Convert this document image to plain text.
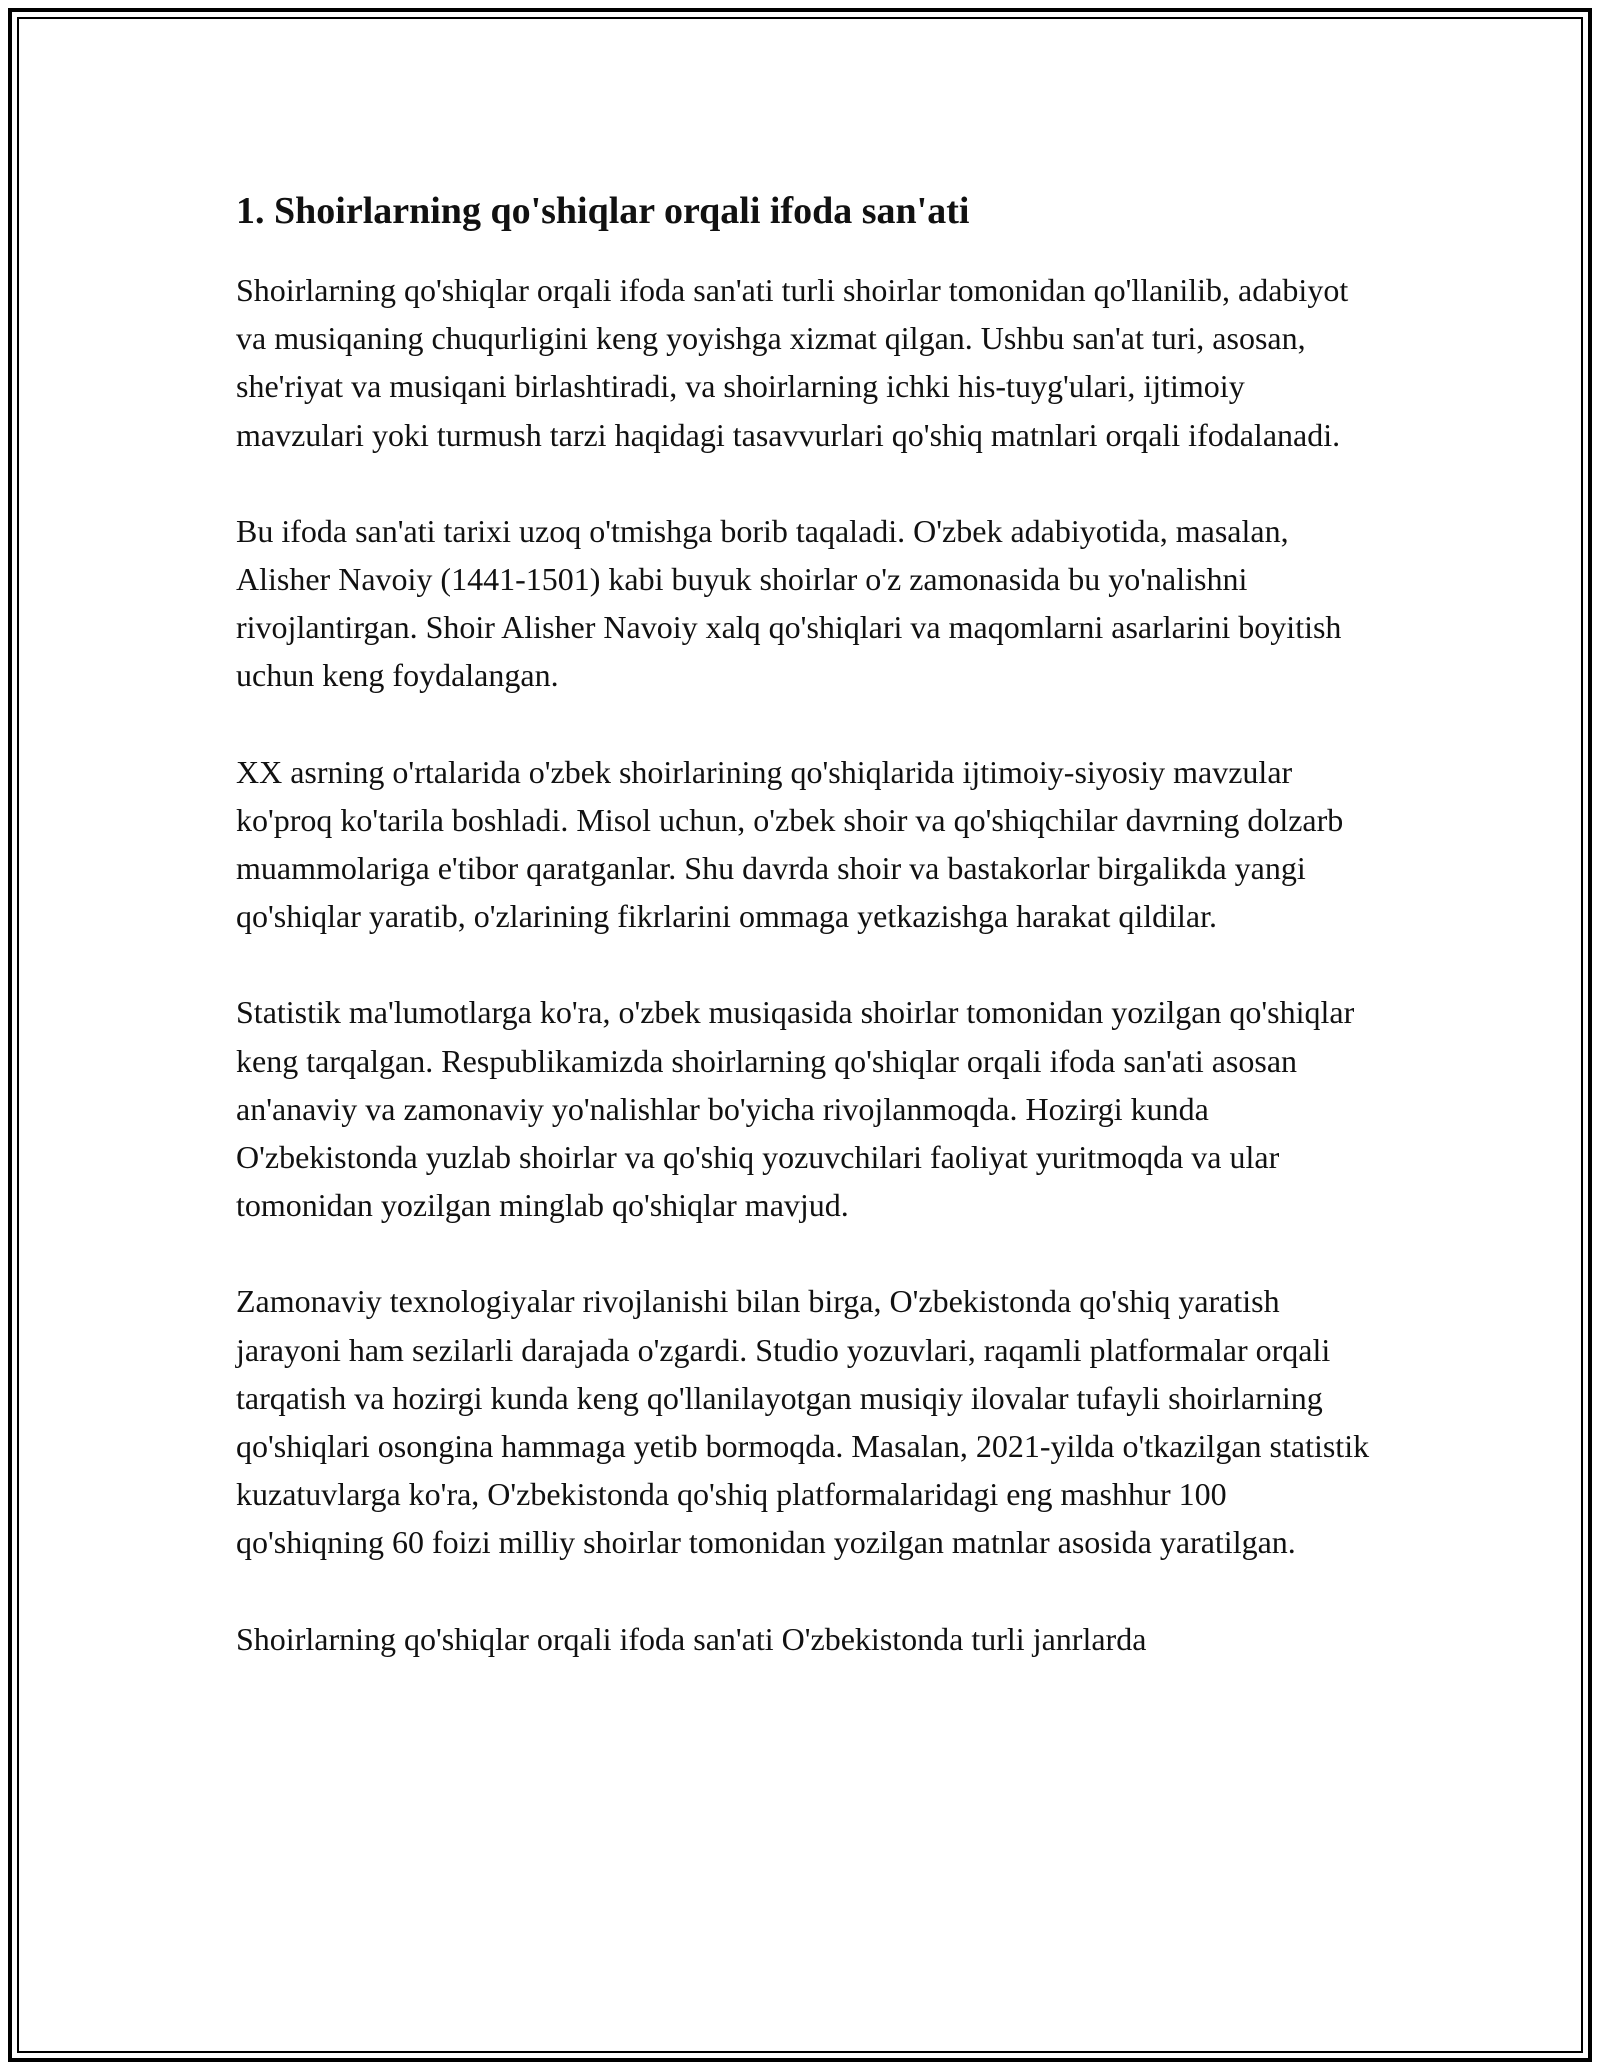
1. Shoirlarning qo'shiqlar orqali ifoda san'ati

Shoirlarning qo'shiqlar orqali ifoda san'ati turli shoirlar tomonidan qo'llanilib, adabiyot va musiqaning chuqurligini keng yoyishga xizmat qilgan. Ushbu san'at turi, asosan, she'riyat va musiqani birlashtiradi, va shoirlarning ichki his-tuyg'ulari, ijtimoiy mavzulari yoki turmush tarzi haqidagi tasavvurlari qo'shiq matnlari orqali ifodalanadi.

Bu ifoda san'ati tarixi uzoq o'tmishga borib taqaladi. O'zbek adabiyotida, masalan, Alisher Navoiy (1441-1501) kabi buyuk shoirlar o'z zamonasida bu yo'nalishni rivojlantirgan. Shoir Alisher Navoiy xalq qo'shiqlari va maqomlarni asarlarini boyitish uchun keng foydalangan.

XX asrning o'rtalarida o'zbek shoirlarining qo'shiqlarida ijtimoiy-siyosiy mavzular ko'proq ko'tarila boshladi. Misol uchun, o'zbek shoir va qo'shiqchilar davrning dolzarb muammolariga e'tibor qaratganlar. Shu davrda shoir va bastakorlar birgalikda yangi qo'shiqlar yaratib, o'zlarining fikrlarini ommaga yetkazishga harakat qildilar.

Statistik ma'lumotlarga ko'ra, o'zbek musiqasida shoirlar tomonidan yozilgan qo'shiqlar keng tarqalgan. Respublikamizda shoirlarning qo'shiqlar orqali ifoda san'ati asosan an'anaviy va zamonaviy yo'nalishlar bo'yicha rivojlanmoqda. Hozirgi kunda O'zbekistonda yuzlab shoirlar va qo'shiq yozuvchilari faoliyat yuritmoqda va ular tomonidan yozilgan minglab qo'shiqlar mavjud.

Zamonaviy texnologiyalar rivojlanishi bilan birga, O'zbekistonda qo'shiq yaratish jarayoni ham sezilarli darajada o'zgardi. Studio yozuvlari, raqamli platformalar orqali tarqatish va hozirgi kunda keng qo'llanilayotgan musiqiy ilovalar tufayli shoirlarning qo'shiqlari osongina hammaga yetib bormoqda. Masalan, 2021-yilda o'tkazilgan statistik kuzatuvlarga ko'ra, O'zbekistonda qo'shiq platformalaridagi eng mashhur 100 qo'shiqning 60 foizi milliy shoirlar tomonidan yozilgan matnlar asosida yaratilgan.

Shoirlarning qo'shiqlar orqali ifoda san'ati O'zbekistonda turli janrlarda
